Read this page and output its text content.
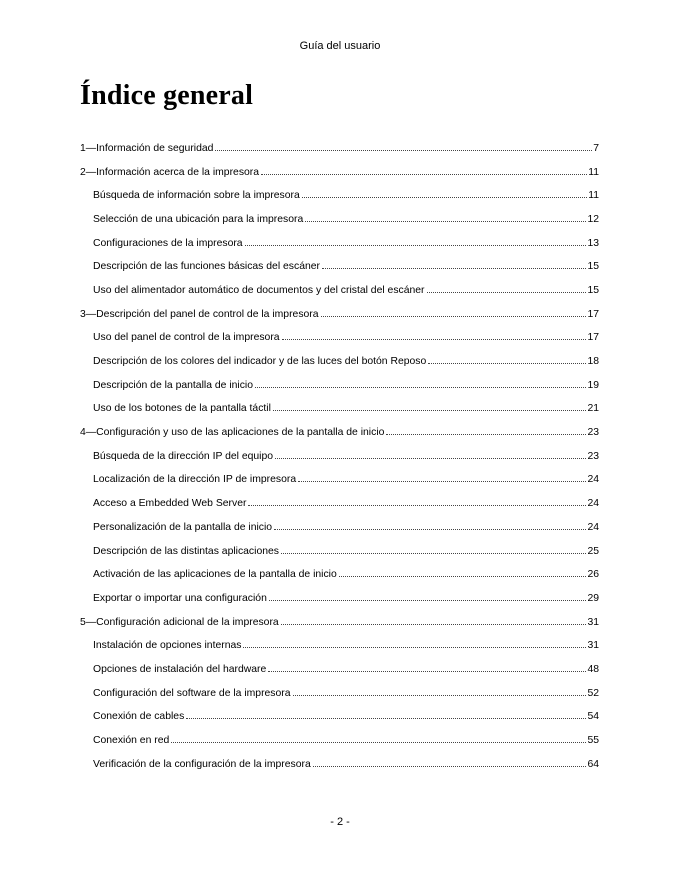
Guía del usuario
Índice general
1—Información de seguridad	7
2—Información acerca de la impresora	11
Búsqueda de información sobre la impresora	11
Selección de una ubicación para la impresora	12
Configuraciones de la impresora	13
Descripción de las funciones básicas del escáner	15
Uso del alimentador automático de documentos y del cristal del escáner	15
3—Descripción del panel de control de la impresora	17
Uso del panel de control de la impresora	17
Descripción de los colores del indicador y de las luces del botón Reposo	18
Descripción de la pantalla de inicio	19
Uso de los botones de la pantalla táctil	21
4—Configuración y uso de las aplicaciones de la pantalla de inicio	23
Búsqueda de la dirección IP del equipo	23
Localización de la dirección IP de impresora	24
Acceso a Embedded Web Server	24
Personalización de la pantalla de inicio	24
Descripción de las distintas aplicaciones	25
Activación de las aplicaciones de la pantalla de inicio	26
Exportar o importar una configuración	29
5—Configuración adicional de la impresora	31
Instalación de opciones internas	31
Opciones de instalación del hardware	48
Configuración del software de la impresora	52
Conexión de cables	54
Conexión en red	55
Verificación de la configuración de la impresora	64
- 2 -
